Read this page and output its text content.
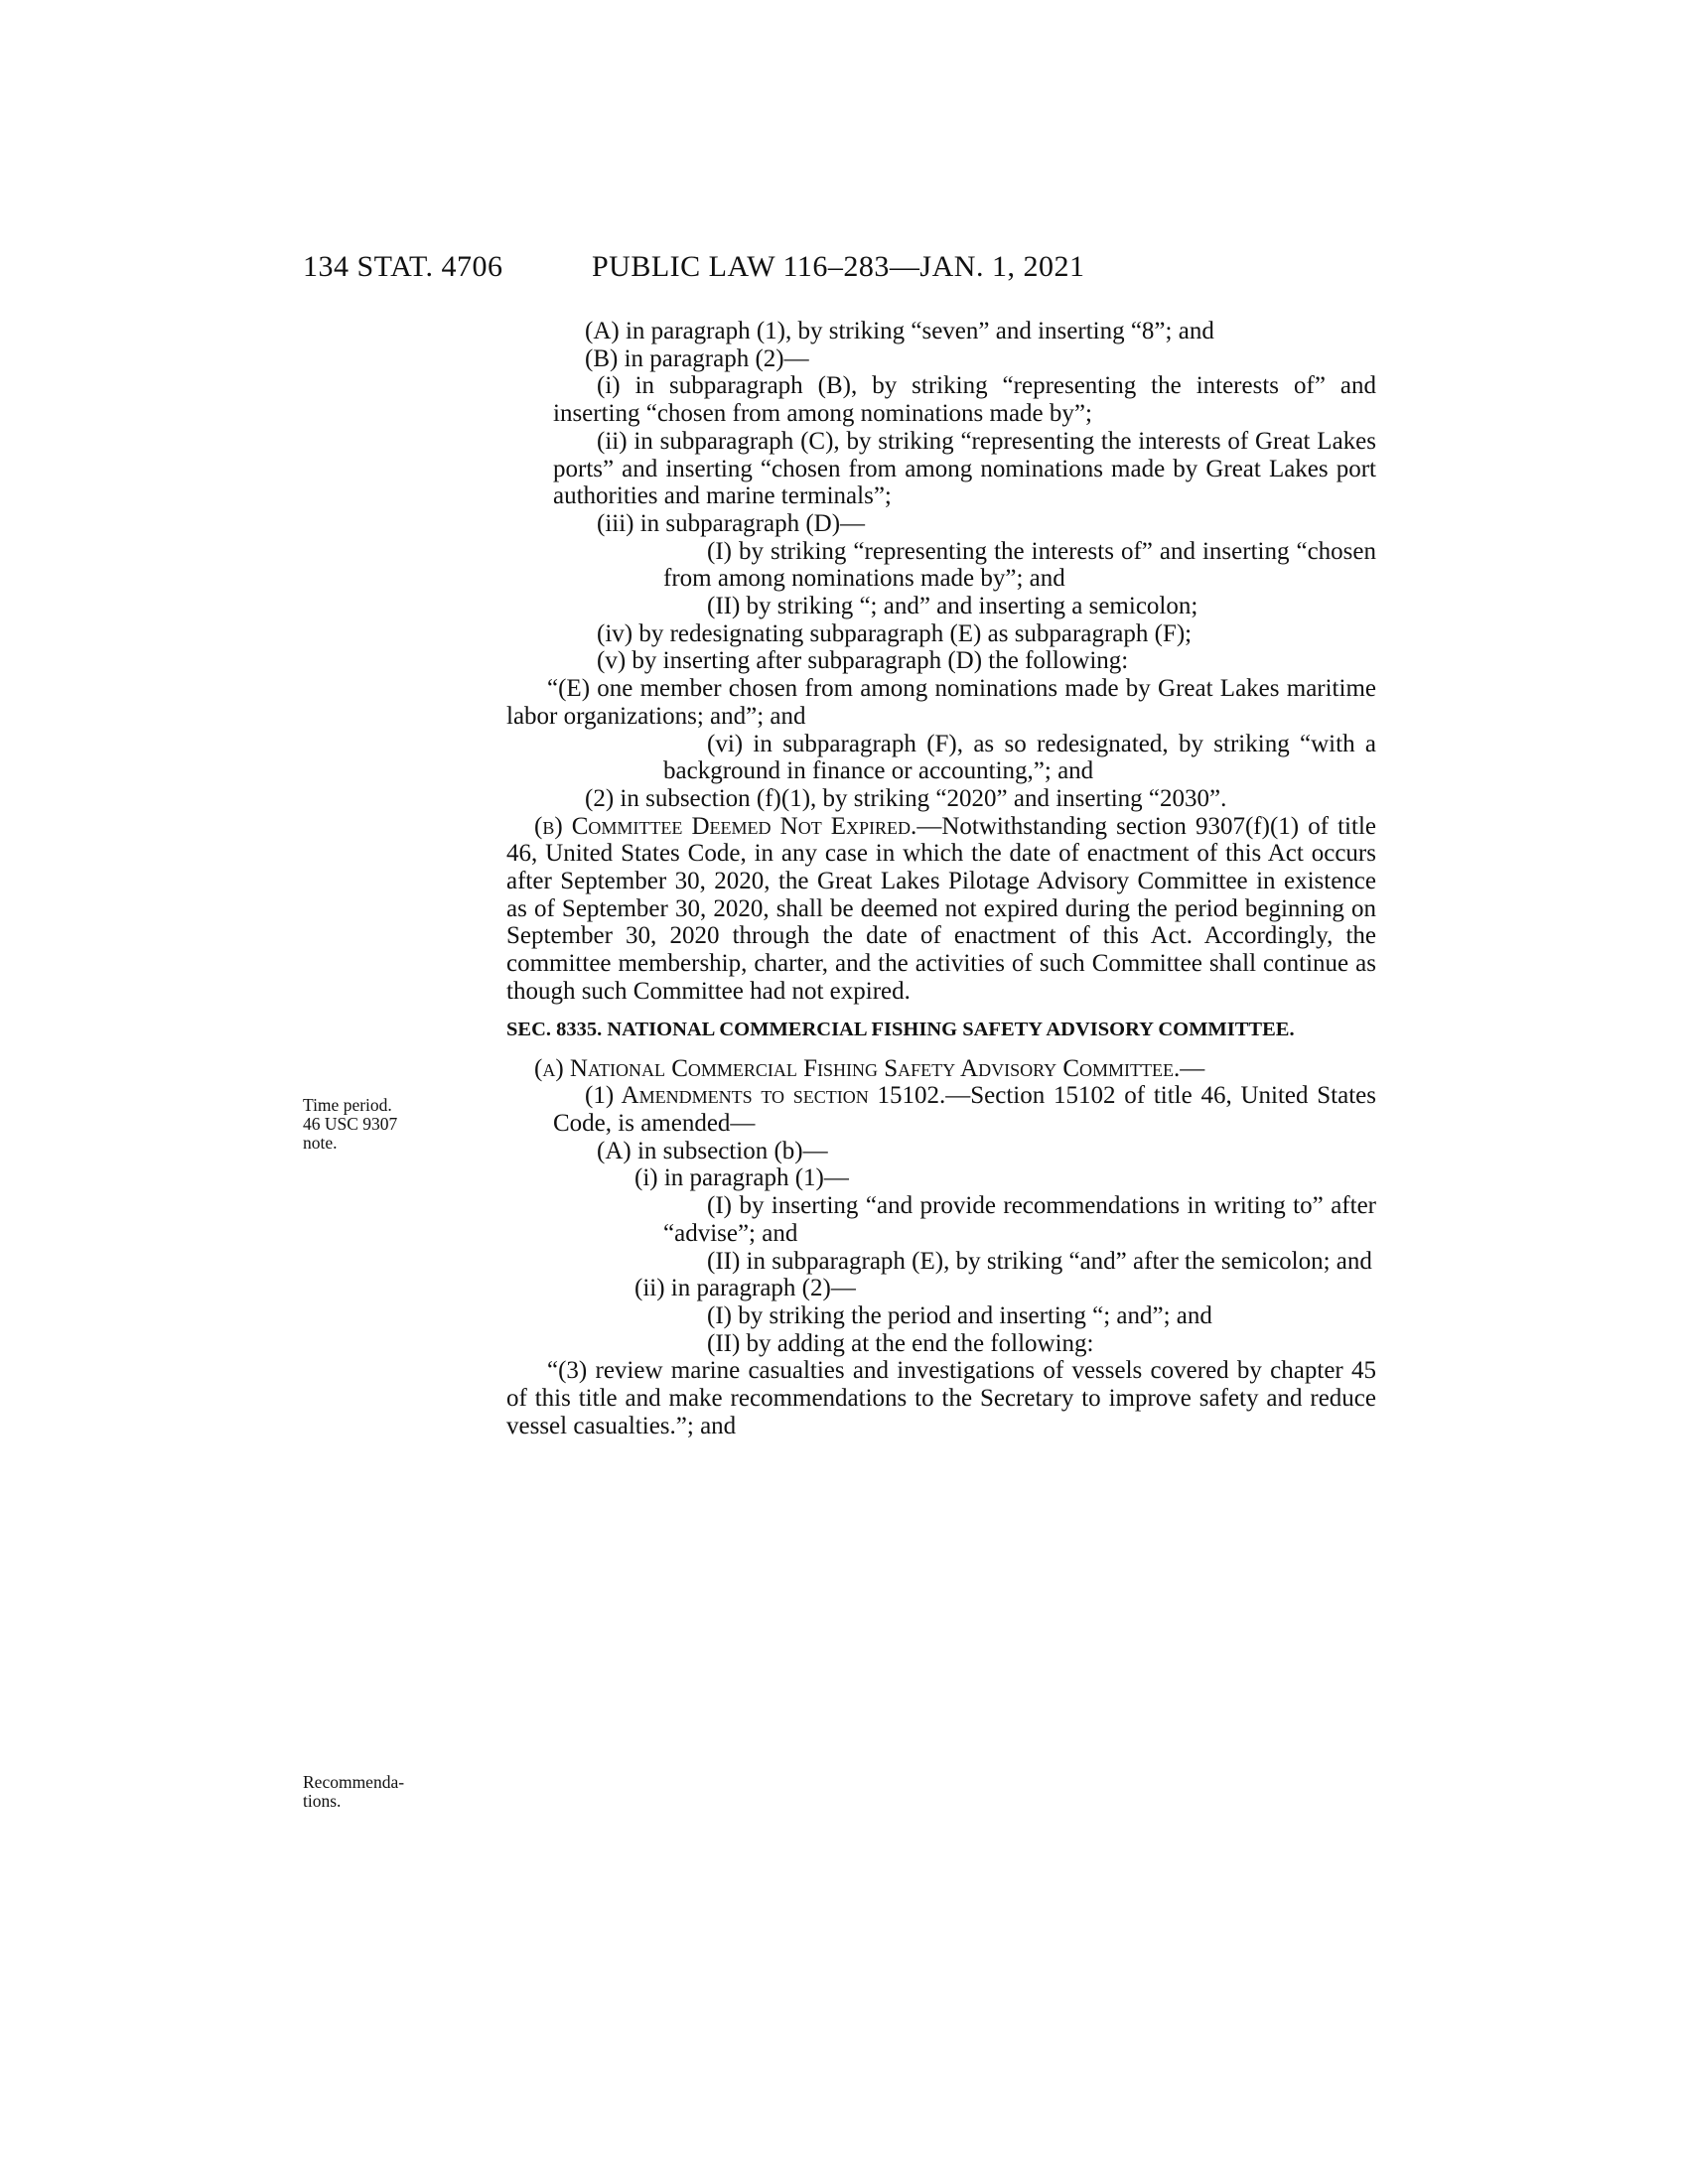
134 STAT. 4706	PUBLIC LAW 116–283—JAN. 1, 2021
Time period.
46 USC 9307
note.
Recommenda-
tions.

(A) in paragraph (1), by striking “seven” and inserting “8”; and

(B) in paragraph (2)—

(i) in subparagraph (B), by striking “representing the interests of” and inserting “chosen from among nominations made by”;

(ii) in subparagraph (C), by striking “representing the interests of Great Lakes ports” and inserting “chosen from among nominations made by Great Lakes port authorities and marine terminals”;

(iii) in subparagraph (D)—

(I) by striking “representing the interests of” and inserting “chosen from among nominations made by”; and

(II) by striking “; and” and inserting a semicolon;

(iv) by redesignating subparagraph (E) as subparagraph (F);

(v) by inserting after subparagraph (D) the following:

“(E) one member chosen from among nominations made by Great Lakes maritime labor organizations; and”; and

(vi) in subparagraph (F), as so redesignated, by striking “with a background in finance or accounting,”; and

(2) in subsection (f)(1), by striking “2020” and inserting “2030”.

(b) Committee Deemed Not Expired.—Notwithstanding section 9307(f)(1) of title 46, United States Code, in any case in which the date of enactment of this Act occurs after September 30, 2020, the Great Lakes Pilotage Advisory Committee in existence as of September 30, 2020, shall be deemed not expired during the period beginning on September 30, 2020 through the date of enactment of this Act. Accordingly, the committee membership, charter, and the activities of such Committee shall continue as though such Committee had not expired.

SEC. 8335. NATIONAL COMMERCIAL FISHING SAFETY ADVISORY COMMITTEE.

(a) National Commercial Fishing Safety Advisory Committee.—

(1) Amendments to section 15102.—Section 15102 of title 46, United States Code, is amended—

(A) in subsection (b)—

(i) in paragraph (1)—

(I) by inserting “and provide recommendations in writing to” after “advise”; and

(II) in subparagraph (E), by striking “and” after the semicolon; and

(ii) in paragraph (2)—

(I) by striking the period and inserting “; and”; and

(II) by adding at the end the following:

“(3) review marine casualties and investigations of vessels covered by chapter 45 of this title and make recommendations to the Secretary to improve safety and reduce vessel casualties.”; and
